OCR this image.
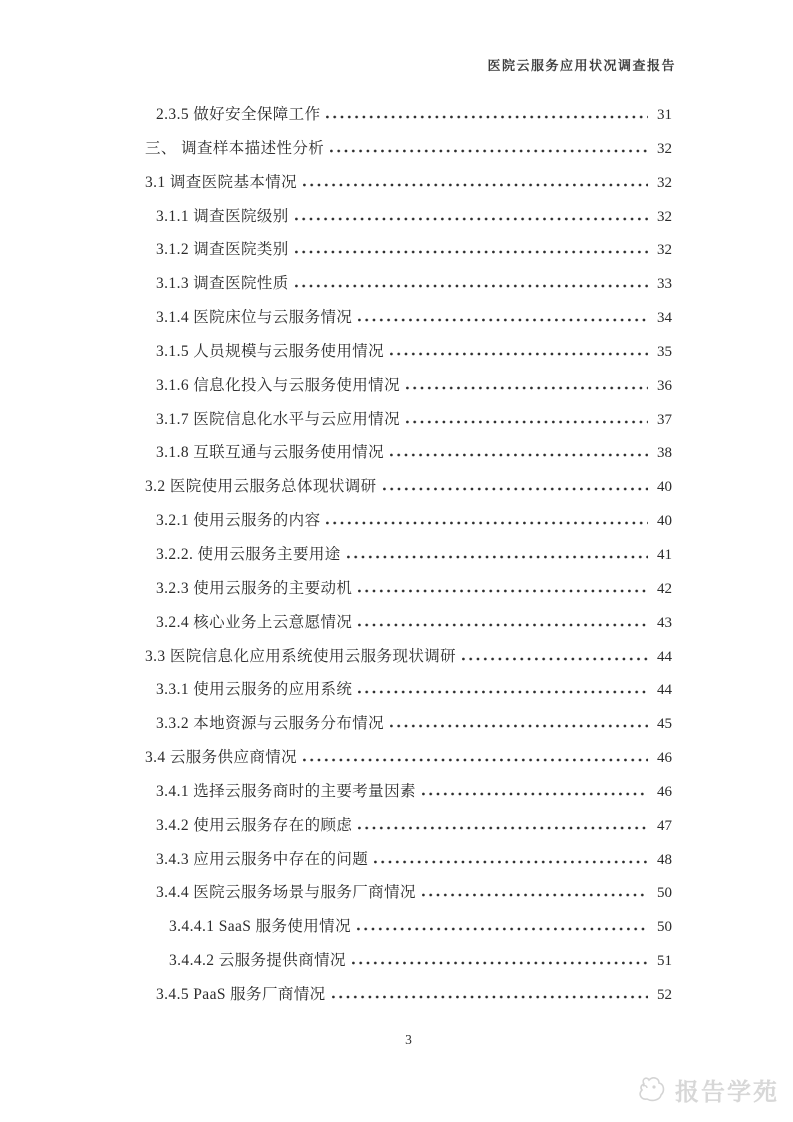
医院云服务应用状况调查报告
2.3.5 做好安全保障工作	31
三、 调查样本描述性分析	32
3.1 调查医院基本情况	32
3.1.1 调查医院级别	32
3.1.2 调查医院类别	32
3.1.3 调查医院性质	33
3.1.4 医院床位与云服务情况	34
3.1.5 人员规模与云服务使用情况	35
3.1.6 信息化投入与云服务使用情况	36
3.1.7 医院信息化水平与云应用情况	37
3.1.8 互联互通与云服务使用情况	38
3.2 医院使用云服务总体现状调研	40
3.2.1 使用云服务的内容	40
3.2.2. 使用云服务主要用途	41
3.2.3 使用云服务的主要动机	42
3.2.4 核心业务上云意愿情况	43
3.3 医院信息化应用系统使用云服务现状调研	44
3.3.1 使用云服务的应用系统	44
3.3.2 本地资源与云服务分布情况	45
3.4 云服务供应商情况	46
3.4.1 选择云服务商时的主要考量因素	46
3.4.2 使用云服务存在的顾虑	47
3.4.3 应用云服务中存在的问题	48
3.4.4 医院云服务场景与服务厂商情况	50
3.4.4.1 SaaS 服务使用情况	50
3.4.4.2 云服务提供商情况	51
3.4.5 PaaS 服务厂商情况	52
3
报告学苑
